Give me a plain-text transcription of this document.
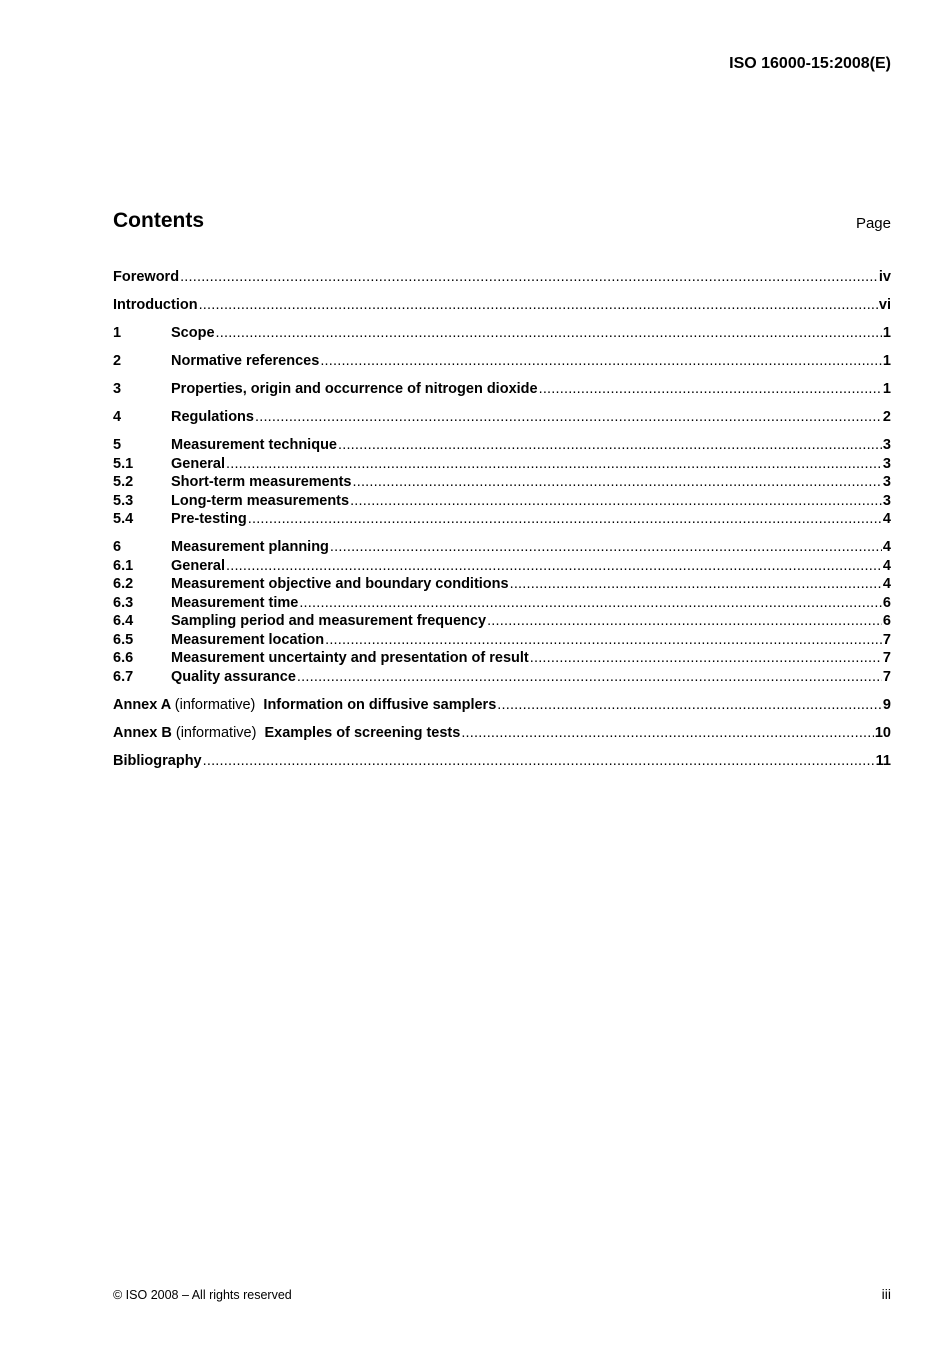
ISO 16000-15:2008(E)
Contents	Page
Foreword .....	iv
Introduction .....	vi
1	Scope .....	1
2	Normative references .....	1
3	Properties, origin and occurrence of nitrogen dioxide .....	1
4	Regulations .....	2
5	Measurement technique .....	3
5.1	General .....	3
5.2	Short-term measurements .....	3
5.3	Long-term measurements .....	3
5.4	Pre-testing .....	4
6	Measurement planning .....	4
6.1	General .....	4
6.2	Measurement objective and boundary conditions .....	4
6.3	Measurement time .....	6
6.4	Sampling period and measurement frequency .....	6
6.5	Measurement location .....	7
6.6	Measurement uncertainty and presentation of result .....	7
6.7	Quality assurance .....	7
Annex A (informative) Information on diffusive samplers .....	9
Annex B (informative) Examples of screening tests .....	10
Bibliography .....	11
© ISO 2008 – All rights reserved	iii
